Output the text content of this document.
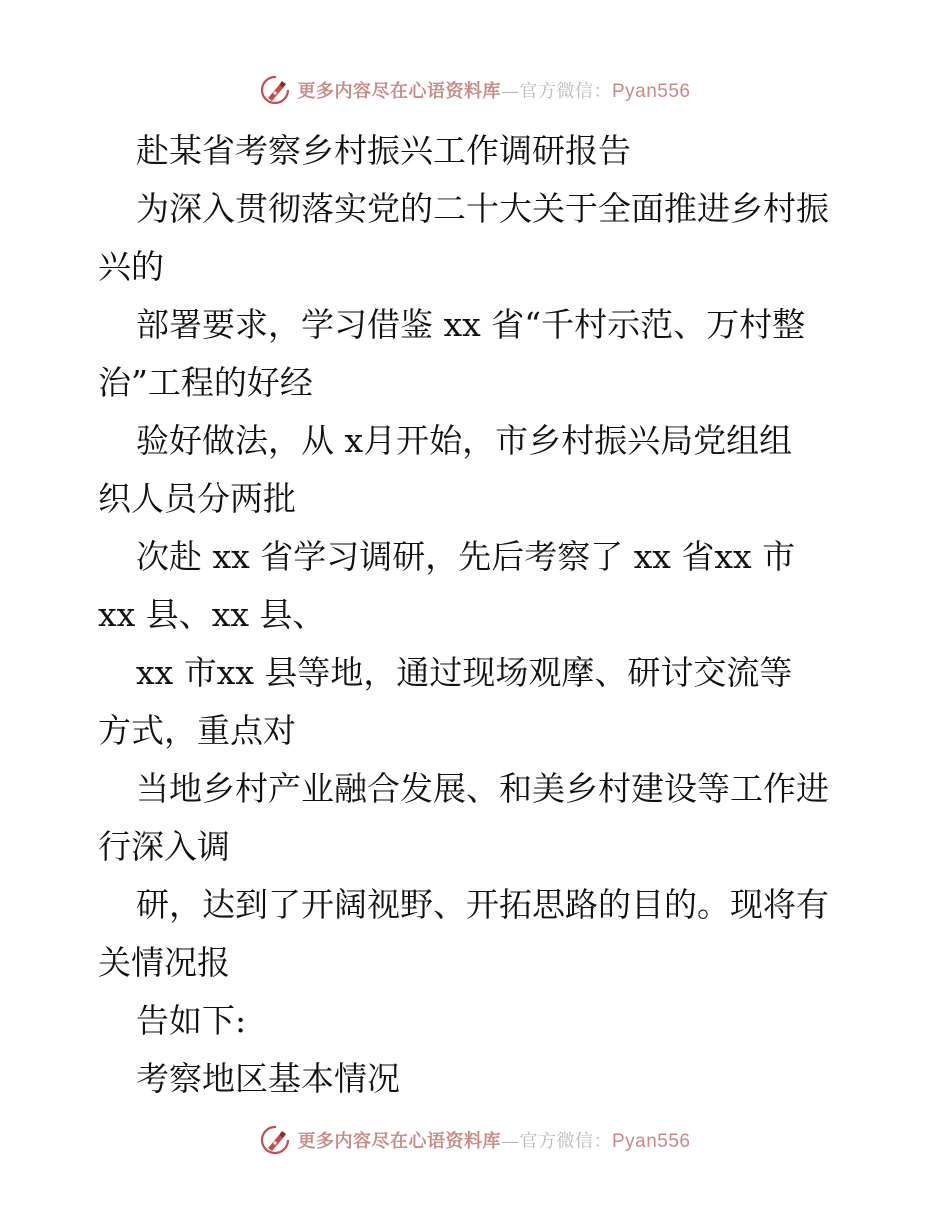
更多内容尽在心语资料库—官方微信：Pyan556
赴某省考察乡村振兴工作调研报告
为深入贯彻落实党的二十大关于全面推进乡村振
兴的
部署要求，学习借鉴 xx 省“千村示范、万村整
治”工程的好经
验好做法，从 x月开始，市乡村振兴局党组组
织人员分两批
次赴 xx 省学习调研，先后考察了 xx 省xx 市
xx 县、xx 县、
xx 市xx 县等地，通过现场观摩、研讨交流等
方式，重点对
当地乡村产业融合发展、和美乡村建设等工作进
行深入调
研，达到了开阔视野、开拓思路的目的。现将有
关情况报
告如下:
考察地区基本情况
更多内容尽在心语资料库—官方微信：Pyan556
